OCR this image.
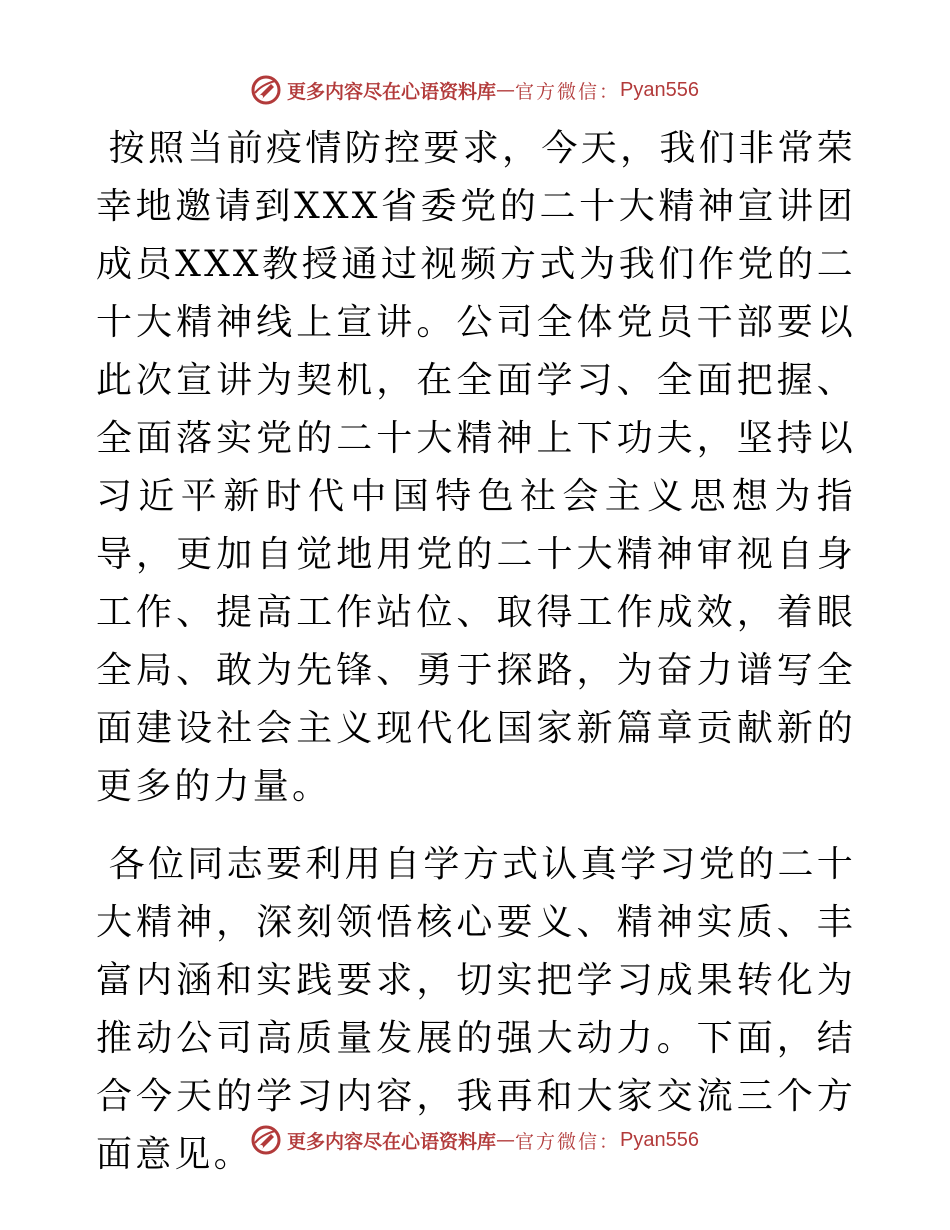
更多内容尽在心语资料库 — 官方微信： Pyan556

按照当前疫情防控要求，今天，我们非常荣幸地邀请到XXX省委党的二十大精神宣讲团成员XXX教授通过视频方式为我们作党的二十大精神线上宣讲。公司全体党员干部要以此次宣讲为契机，在全面学习、全面把握、全面落实党的二十大精神上下功夫，坚持以习近平新时代中国特色社会主义思想为指导，更加自觉地用党的二十大精神审视自身工作、提高工作站位、取得工作成效，着眼全局、敢为先锋、勇于探路，为奋力谱写全面建设社会主义现代化国家新篇章贡献新的更多的力量。

各位同志要利用自学方式认真学习党的二十大精神，深刻领悟核心要义、精神实质、丰富内涵和实践要求，切实把学习成果转化为推动公司高质量发展的强大动力。下面，结合今天的学习内容，我再和大家交流三个方面意见。	更多内容尽在心语资料库 — 官方微信： Pyan556
